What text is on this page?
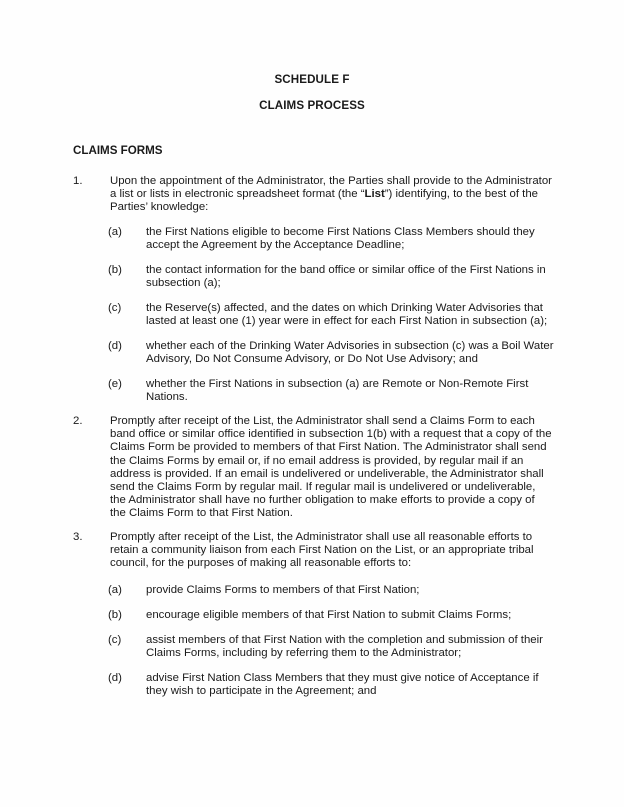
SCHEDULE F
CLAIMS PROCESS
CLAIMS FORMS
1. Upon the appointment of the Administrator, the Parties shall provide to the Administrator a list or lists in electronic spreadsheet format (the “List”) identifying, to the best of the Parties’ knowledge:
(a) the First Nations eligible to become First Nations Class Members should they accept the Agreement by the Acceptance Deadline;
(b) the contact information for the band office or similar office of the First Nations in subsection (a);
(c) the Reserve(s) affected, and the dates on which Drinking Water Advisories that lasted at least one (1) year were in effect for each First Nation in subsection (a);
(d) whether each of the Drinking Water Advisories in subsection (c) was a Boil Water Advisory, Do Not Consume Advisory, or Do Not Use Advisory; and
(e) whether the First Nations in subsection (a) are Remote or Non-Remote First Nations.
2. Promptly after receipt of the List, the Administrator shall send a Claims Form to each band office or similar office identified in subsection 1(b) with a request that a copy of the Claims Form be provided to members of that First Nation. The Administrator shall send the Claims Forms by email or, if no email address is provided, by regular mail if an address is provided. If an email is undelivered or undeliverable, the Administrator shall send the Claims Form by regular mail. If regular mail is undelivered or undeliverable, the Administrator shall have no further obligation to make efforts to provide a copy of the Claims Form to that First Nation.
3. Promptly after receipt of the List, the Administrator shall use all reasonable efforts to retain a community liaison from each First Nation on the List, or an appropriate tribal council, for the purposes of making all reasonable efforts to:
(a) provide Claims Forms to members of that First Nation;
(b) encourage eligible members of that First Nation to submit Claims Forms;
(c) assist members of that First Nation with the completion and submission of their Claims Forms, including by referring them to the Administrator;
(d) advise First Nation Class Members that they must give notice of Acceptance if they wish to participate in the Agreement; and
